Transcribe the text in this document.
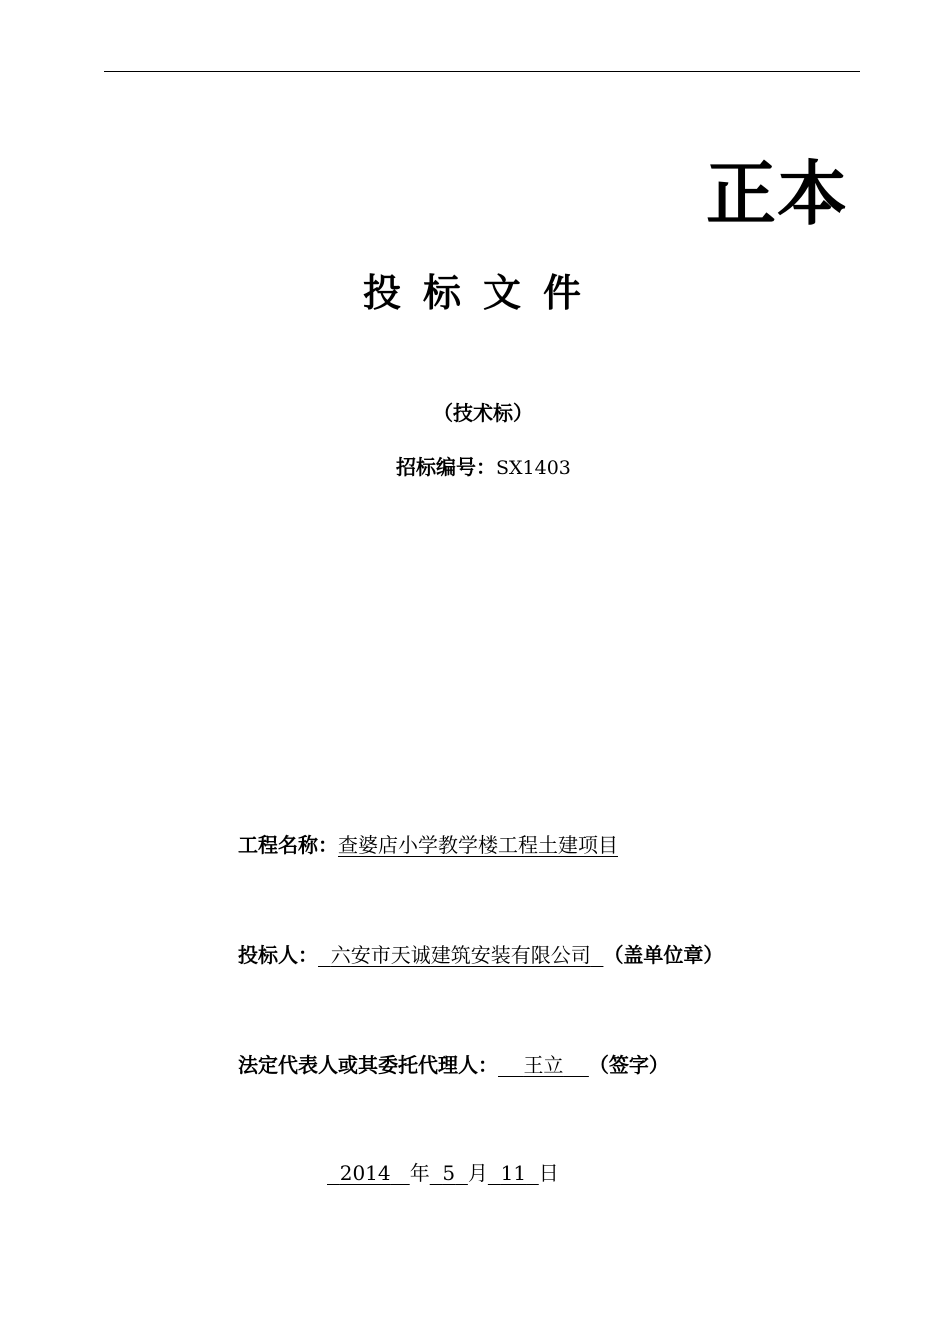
正本
投标文件
（技术标）
招标编号：SX1403
工程名称：查婆店小学教学楼工程土建项目
投标人： 六安市天诚建筑安装有限公司 （盖单位章）
法定代表人或其委托代理人： 王立 （签字）
2014 年 5 月 11 日
